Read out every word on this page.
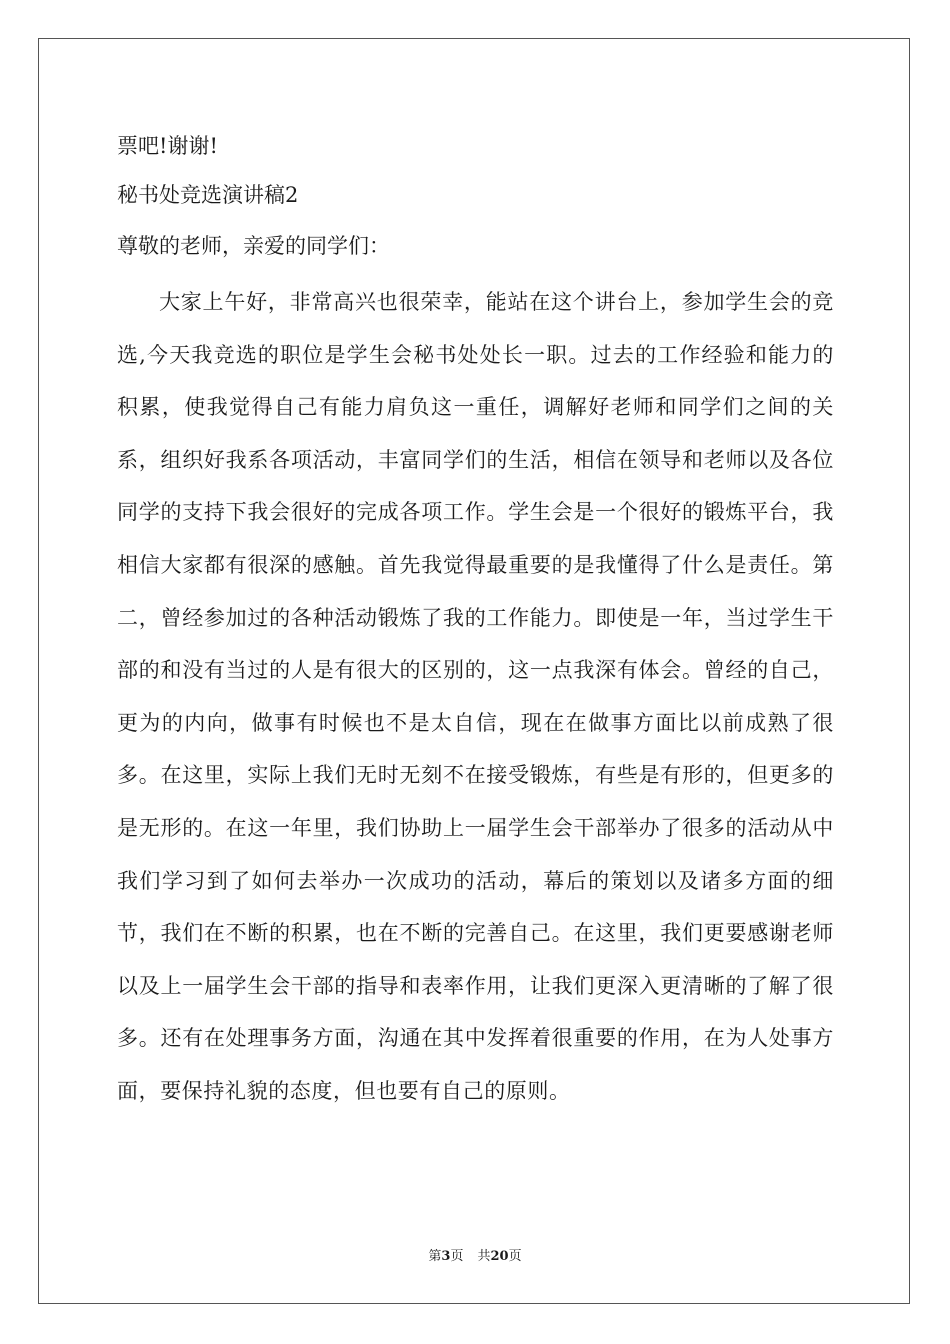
票吧!谢谢!
秘书处竞选演讲稿2
尊敬的老师，亲爱的同学们：
大家上午好，非常高兴也很荣幸，能站在这个讲台上，参加学生会的竞选,今天我竞选的职位是学生会秘书处处长一职。过去的工作经验和能力的积累，使我觉得自己有能力肩负这一重任，调解好老师和同学们之间的关系，组织好我系各项活动，丰富同学们的生活，相信在领导和老师以及各位同学的支持下我会很好的完成各项工作。学生会是一个很好的锻炼平台，我相信大家都有很深的感触。首先我觉得最重要的是我懂得了什么是责任。第二，曾经参加过的各种活动锻炼了我的工作能力。即使是一年，当过学生干部的和没有当过的人是有很大的区别的，这一点我深有体会。曾经的自己，更为的内向，做事有时候也不是太自信，现在在做事方面比以前成熟了很多。在这里，实际上我们无时无刻不在接受锻炼，有些是有形的，但更多的是无形的。在这一年里，我们协助上一届学生会干部举办了很多的活动从中我们学习到了如何去举办一次成功的活动，幕后的策划以及诸多方面的细节，我们在不断的积累，也在不断的完善自己。在这里，我们更要感谢老师以及上一届学生会干部的指导和表率作用，让我们更深入更清晰的了解了很多。还有在处理事务方面，沟通在其中发挥着很重要的作用，在为人处事方面，要保持礼貌的态度，但也要有自己的原则。
第3页 共20页
